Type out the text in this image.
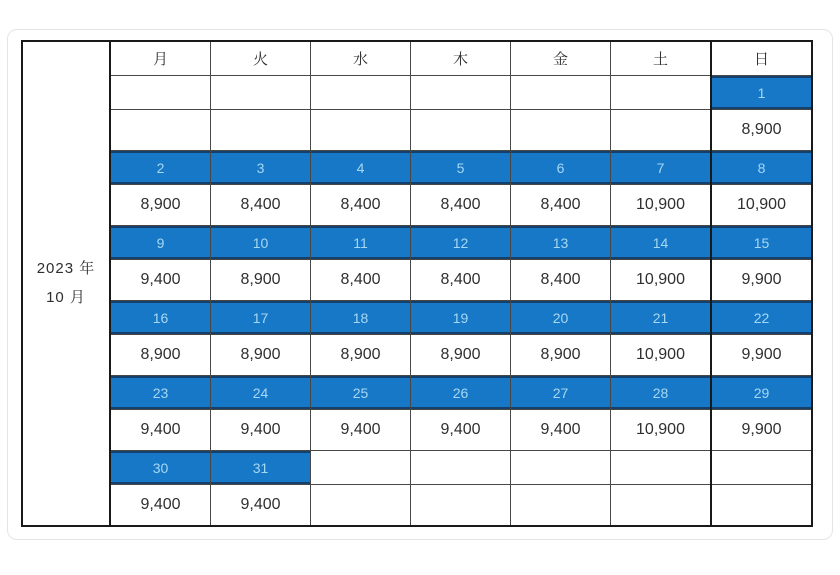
2023 年
10 月	月	火	水	木	金	土	日
							1
							8,900
	2	3	4	5	6	7	8
	8,900	8,400	8,400	8,400	8,400	10,900	10,900
	9	10	11	12	13	14	15
	9,400	8,900	8,400	8,400	8,400	10,900	9,900
	16	17	18	19	20	21	22
	8,900	8,900	8,900	8,900	8,900	10,900	9,900
	23	24	25	26	27	28	29
	9,400	9,400	9,400	9,400	9,400	10,900	9,900
	30	31					
	9,400	9,400					
